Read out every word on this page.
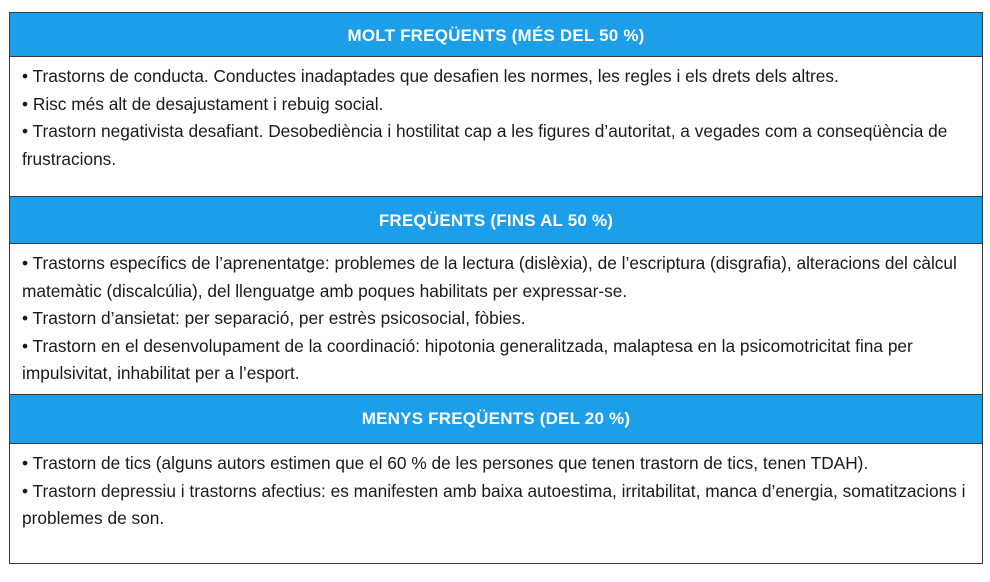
MOLT FREQÜENTS (MÉS DEL 50 %)
• Trastorns de conducta. Conductes inadaptades que desafien les normes, les regles i els drets dels altres.
• Risc més alt de desajustament i rebuig social.
• Trastorn negativista desafiant. Desobediència i hostilitat cap a les figures d’autoritat, a vegades com a conseqüència de frustracions.
FREQÜENTS (FINS AL 50 %)
• Trastorns específics de l’aprenentatge: problemes de la lectura (dislèxia), de l’escriptura (disgrafia), alteracions del càlcul matemàtic (discalcúlia), del llenguatge amb poques habilitats per expressar-se.
• Trastorn d’ansietat: per separació, per estrès psicosocial, fòbies.
• Trastorn en el desenvolupament de la coordinació: hipotonia generalitzada, malaptesa en la psicomotricitat fina per impulsivitat, inhabilitat per a l’esport.
MENYS FREQÜENTS (DEL 20 %)
• Trastorn de tics (alguns autors estimen que el 60 % de les persones que tenen trastorn de tics, tenen TDAH).
• Trastorn depressiu i trastorns afectius: es manifesten amb baixa autoestima, irritabilitat, manca d’energia, somatitzacions i problemes de son.
